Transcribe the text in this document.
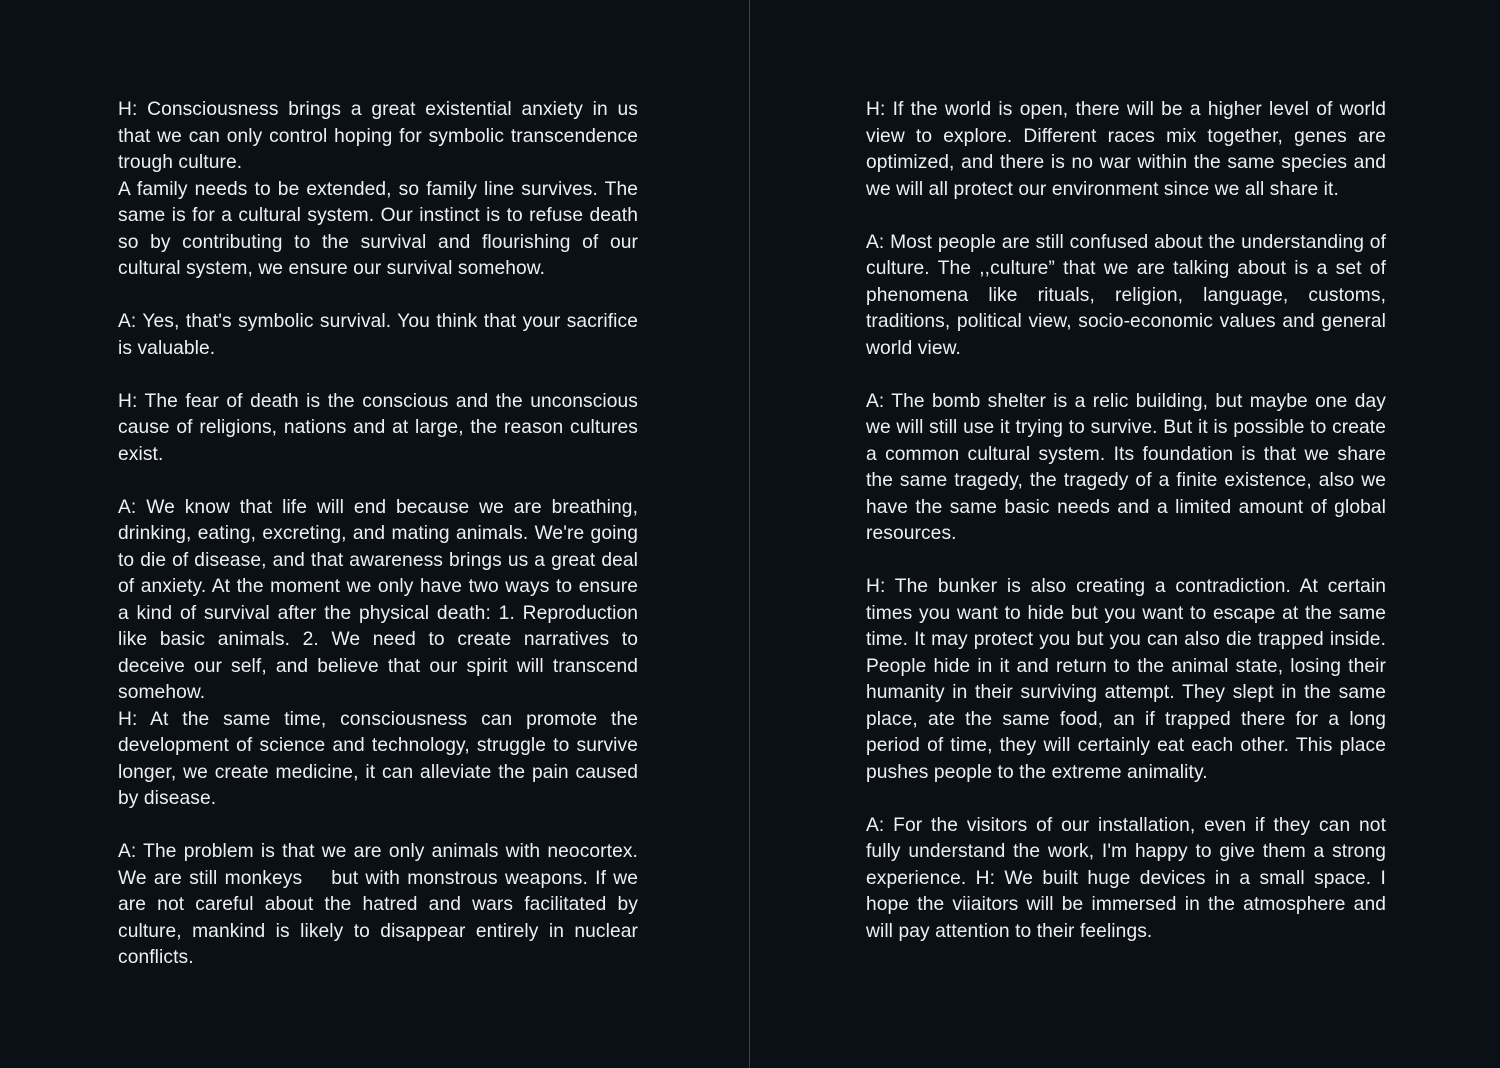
H: Consciousness brings a great existential anxiety in us that we can only control hoping for symbolic transcendence trough culture.

A family needs to be extended, so family line survives. The same is for a cultural system. Our instinct is to refuse death so by contributing to the survival and flourishing of our cultural system, we ensure our survival somehow.

A: Yes, that's symbolic survival. You think that your sacrifice is valuable.

H: The fear of death is the conscious and the unconscious cause of religions, nations and at large, the reason cultures exist.

A: We know that life will end because we are breathing, drinking, eating, excreting, and mating animals. We're going to die of disease, and that awareness brings us a great deal of anxiety. At the moment we only have two ways to ensure a kind of survival after the physical death: 1. Reproduction like basic animals. 2. We need to create narratives to deceive our self, and believe that our spirit will transcend somehow.

H: At the same time, consciousness can promote the development of science and technology, struggle to survive longer, we create medicine, it can alleviate the pain caused by disease.

A: The problem is that we are only animals with neocortex. We are still monkeys    but with monstrous weapons. If we are not careful about the hatred and wars facilitated by culture, mankind is likely to disappear entirely in nuclear conflicts.

H: If the world is open, there will be a higher level of world view to explore. Different races mix together, genes are optimized, and there is no war within the same species and we will all protect our environment since we all share it.

A: Most people are still confused about the understanding of culture. The ,,culture” that we are talking about is a set of phenomena like rituals, religion, language, customs, traditions, political view, socio-economic values and general world view.

A: The bomb shelter is a relic building, but maybe one day we will still use it trying to survive. But it is possible to create a common cultural system. Its foundation is that we share the same tragedy, the tragedy of a finite existence, also we have the same basic needs and a limited amount of global resources.

H: The bunker is also creating a contradiction. At certain times you want to hide but you want to escape at the same time. It may protect you but you can also die trapped inside. People hide in it and return to the animal state, losing their humanity in their surviving attempt. They slept in the same place, ate the same food, an if trapped there for a long period of time, they will certainly eat each other. This place pushes people to the extreme animality.

A: For the visitors of our installation, even if they can not fully understand the work, I'm happy to give them a strong experience. H: We built huge devices in a small space. I hope the viiaitors will be immersed in the atmosphere and will pay attention to their feelings.
